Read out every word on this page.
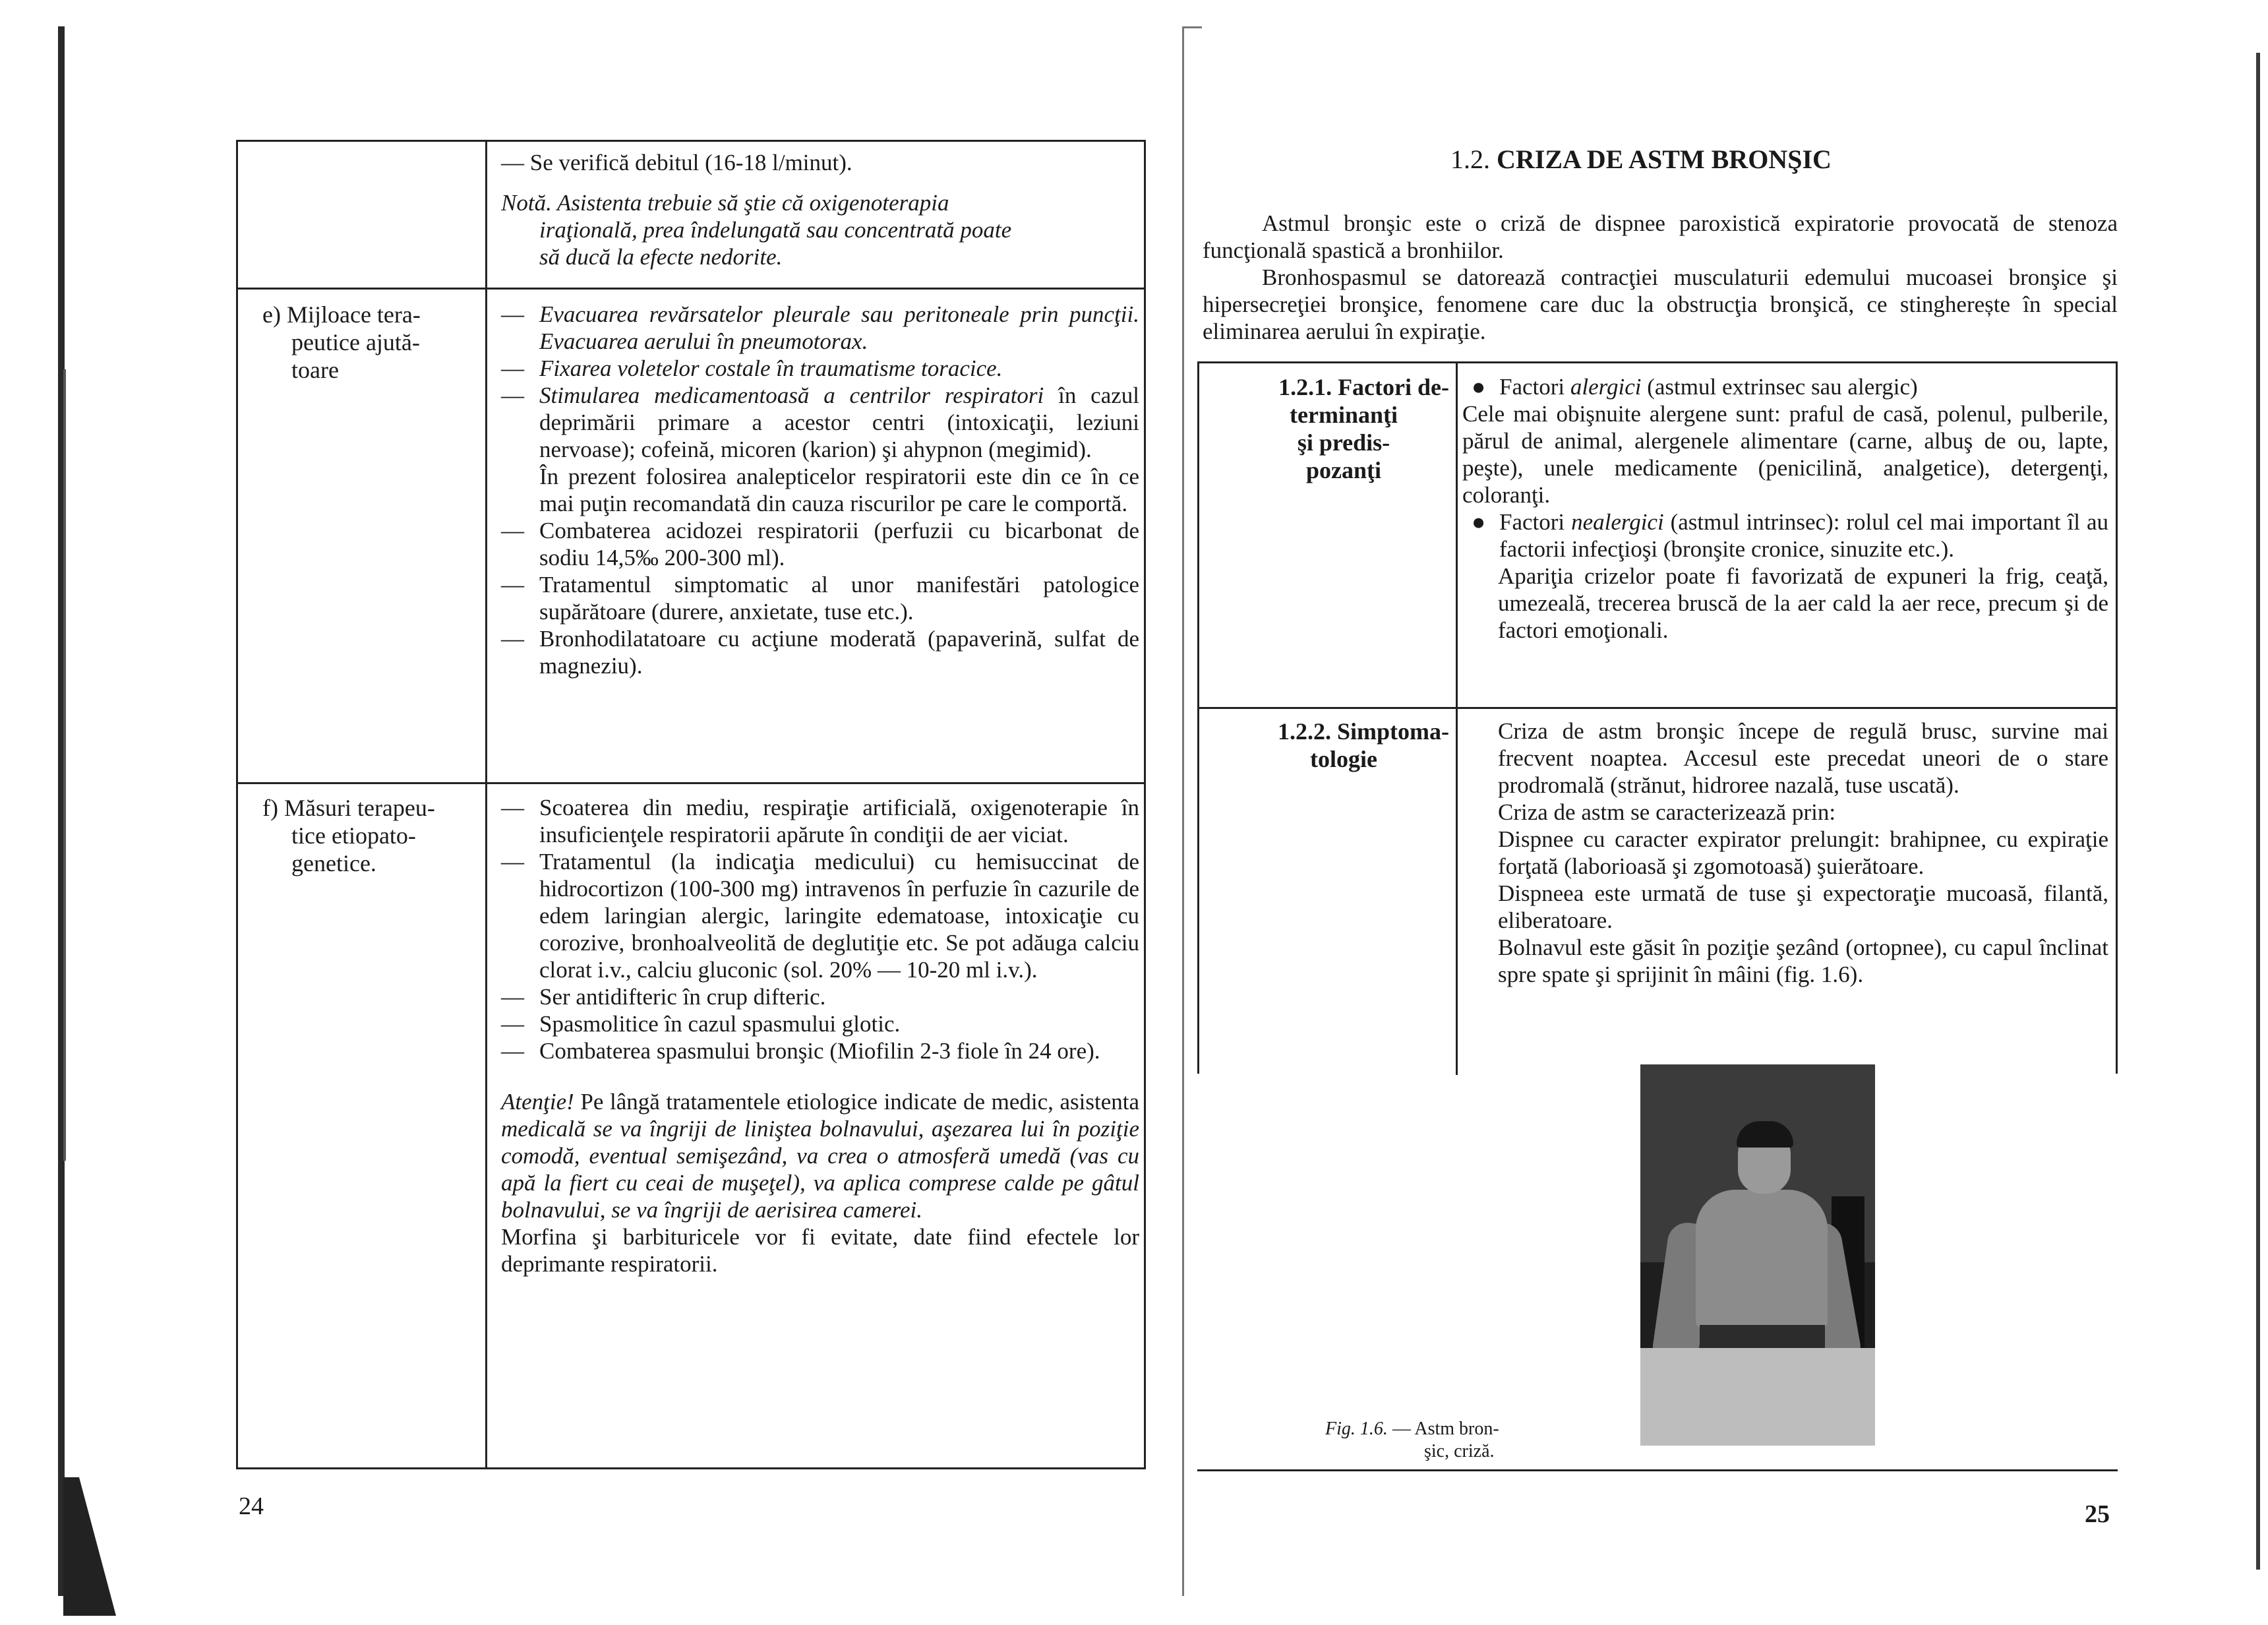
— Se verifică debitul (16-18 l/minut).
Notă. Asistenta trebuie să ştie că oxigenoterapia
iraţională, prea îndelungată sau concentrată poate
să ducă la efecte nedorite.
e) Mijloace tera-
peutice ajută-
toare
— Evacuarea revărsatelor pleurale sau peritoneale prin puncţii. Evacuarea aerului în pneumotorax.
— Fixarea voletelor costale în traumatisme toracice.
— Stimularea medicamentoasă a centrilor respiratori în cazul deprimării primare a acestor centri (intoxicaţii, leziuni nervoase); cofeină, micoren (karion) şi ahypnon (megimid).
În prezent folosirea analepticelor respiratorii este din ce în ce mai puţin recomandată din cauza riscurilor pe care le comportă.
— Combaterea acidozei respiratorii (perfuzii cu bicarbonat de sodiu 14,5‰ 200-300 ml).
— Tratamentul simptomatic al unor manifestări patologice supărătoare (durere, anxietate, tuse etc.).
— Bronhodilatatoare cu acţiune moderată (papaverină, sulfat de magneziu).
f) Măsuri terapeu-
tice etiopato-
genetice.
— Scoaterea din mediu, respiraţie artificială, oxigenoterapie în insuficienţele respiratorii apărute în condiţii de aer viciat.
— Tratamentul (la indicaţia medicului) cu hemisuccinat de hidrocortizon (100-300 mg) intravenos în perfuzie în cazurile de edem laringian alergic, laringite edematoase, intoxicaţie cu corozive, bronhoalveolită de deglutiţie etc. Se pot adăuga calciu clorat i.v., calciu gluconic (sol. 20% — 10-20 ml i.v.).
— Ser antidifteric în crup difteric.
— Spasmolitice în cazul spasmului glotic.
— Combaterea spasmului bronşic (Miofilin 2-3 fiole în 24 ore).
Atenţie! Pe lângă tratamentele etiologice indicate de medic, asistenta medicală se va îngriji de liniştea bolnavului, aşezarea lui în poziţie comodă, eventual semişezând, va crea o atmosferă umedă (vas cu apă la fiert cu ceai de muşeţel), va aplica comprese calde pe gâtul bolnavului, se va îngriji de aerisirea camerei.
Morfina şi barbituricele vor fi evitate, date fiind efectele lor deprimante respiratorii.
24
1.2. CRIZA DE ASTM BRONŞIC
Astmul bronşic este o criză de dispnee paroxistică expiratorie provocată de stenoza funcţională spastică a bronhiilor.
Bronhospasmul se datorează contracţiei musculaturii edemului mucoasei bronşice şi hipersecreţiei bronşice, fenomene care duc la obstrucţia bronşică, ce stingherește în special eliminarea aerului în expiraţie.
1.2.1. Factori de-
terminanţi
şi predis-
pozanţi
● Factori alergici (astmul extrinsec sau alergic)
Cele mai obişnuite alergene sunt: praful de casă, polenul, pulberile, părul de animal, alergenele alimentare (carne, albuş de ou, lapte, peşte), unele medicamente (penicilină, analgetice), detergenţi, coloranţi.
● Factori nealergici (astmul intrinsec): rolul cel mai important îl au factorii infecţioşi (bronşite cronice, sinuzite etc.).
Apariţia crizelor poate fi favorizată de expuneri la frig, ceaţă, umezeală, trecerea bruscă de la aer cald la aer rece, precum şi de factori emoţionali.
1.2.2. Simptoma-
tologie
Criza de astm bronşic începe de regulă brusc, survine mai frecvent noaptea. Accesul este precedat uneori de o stare prodromală (strănut, hidroree nazală, tuse uscată).
Criza de astm se caracterizează prin:
Dispnee cu caracter expirator prelungit: brahipnee, cu expiraţie forţată (laborioasă şi zgomotoasă) şuierătoare.
Dispneea este urmată de tuse şi expectoraţie mucoasă, filantă, eliberatoare.
Bolnavul este găsit în poziţie şezând (ortopnee), cu capul înclinat spre spate şi sprijinit în mâini (fig. 1.6).
Fig. 1.6. — Astm bron-
şic, criză.
25
